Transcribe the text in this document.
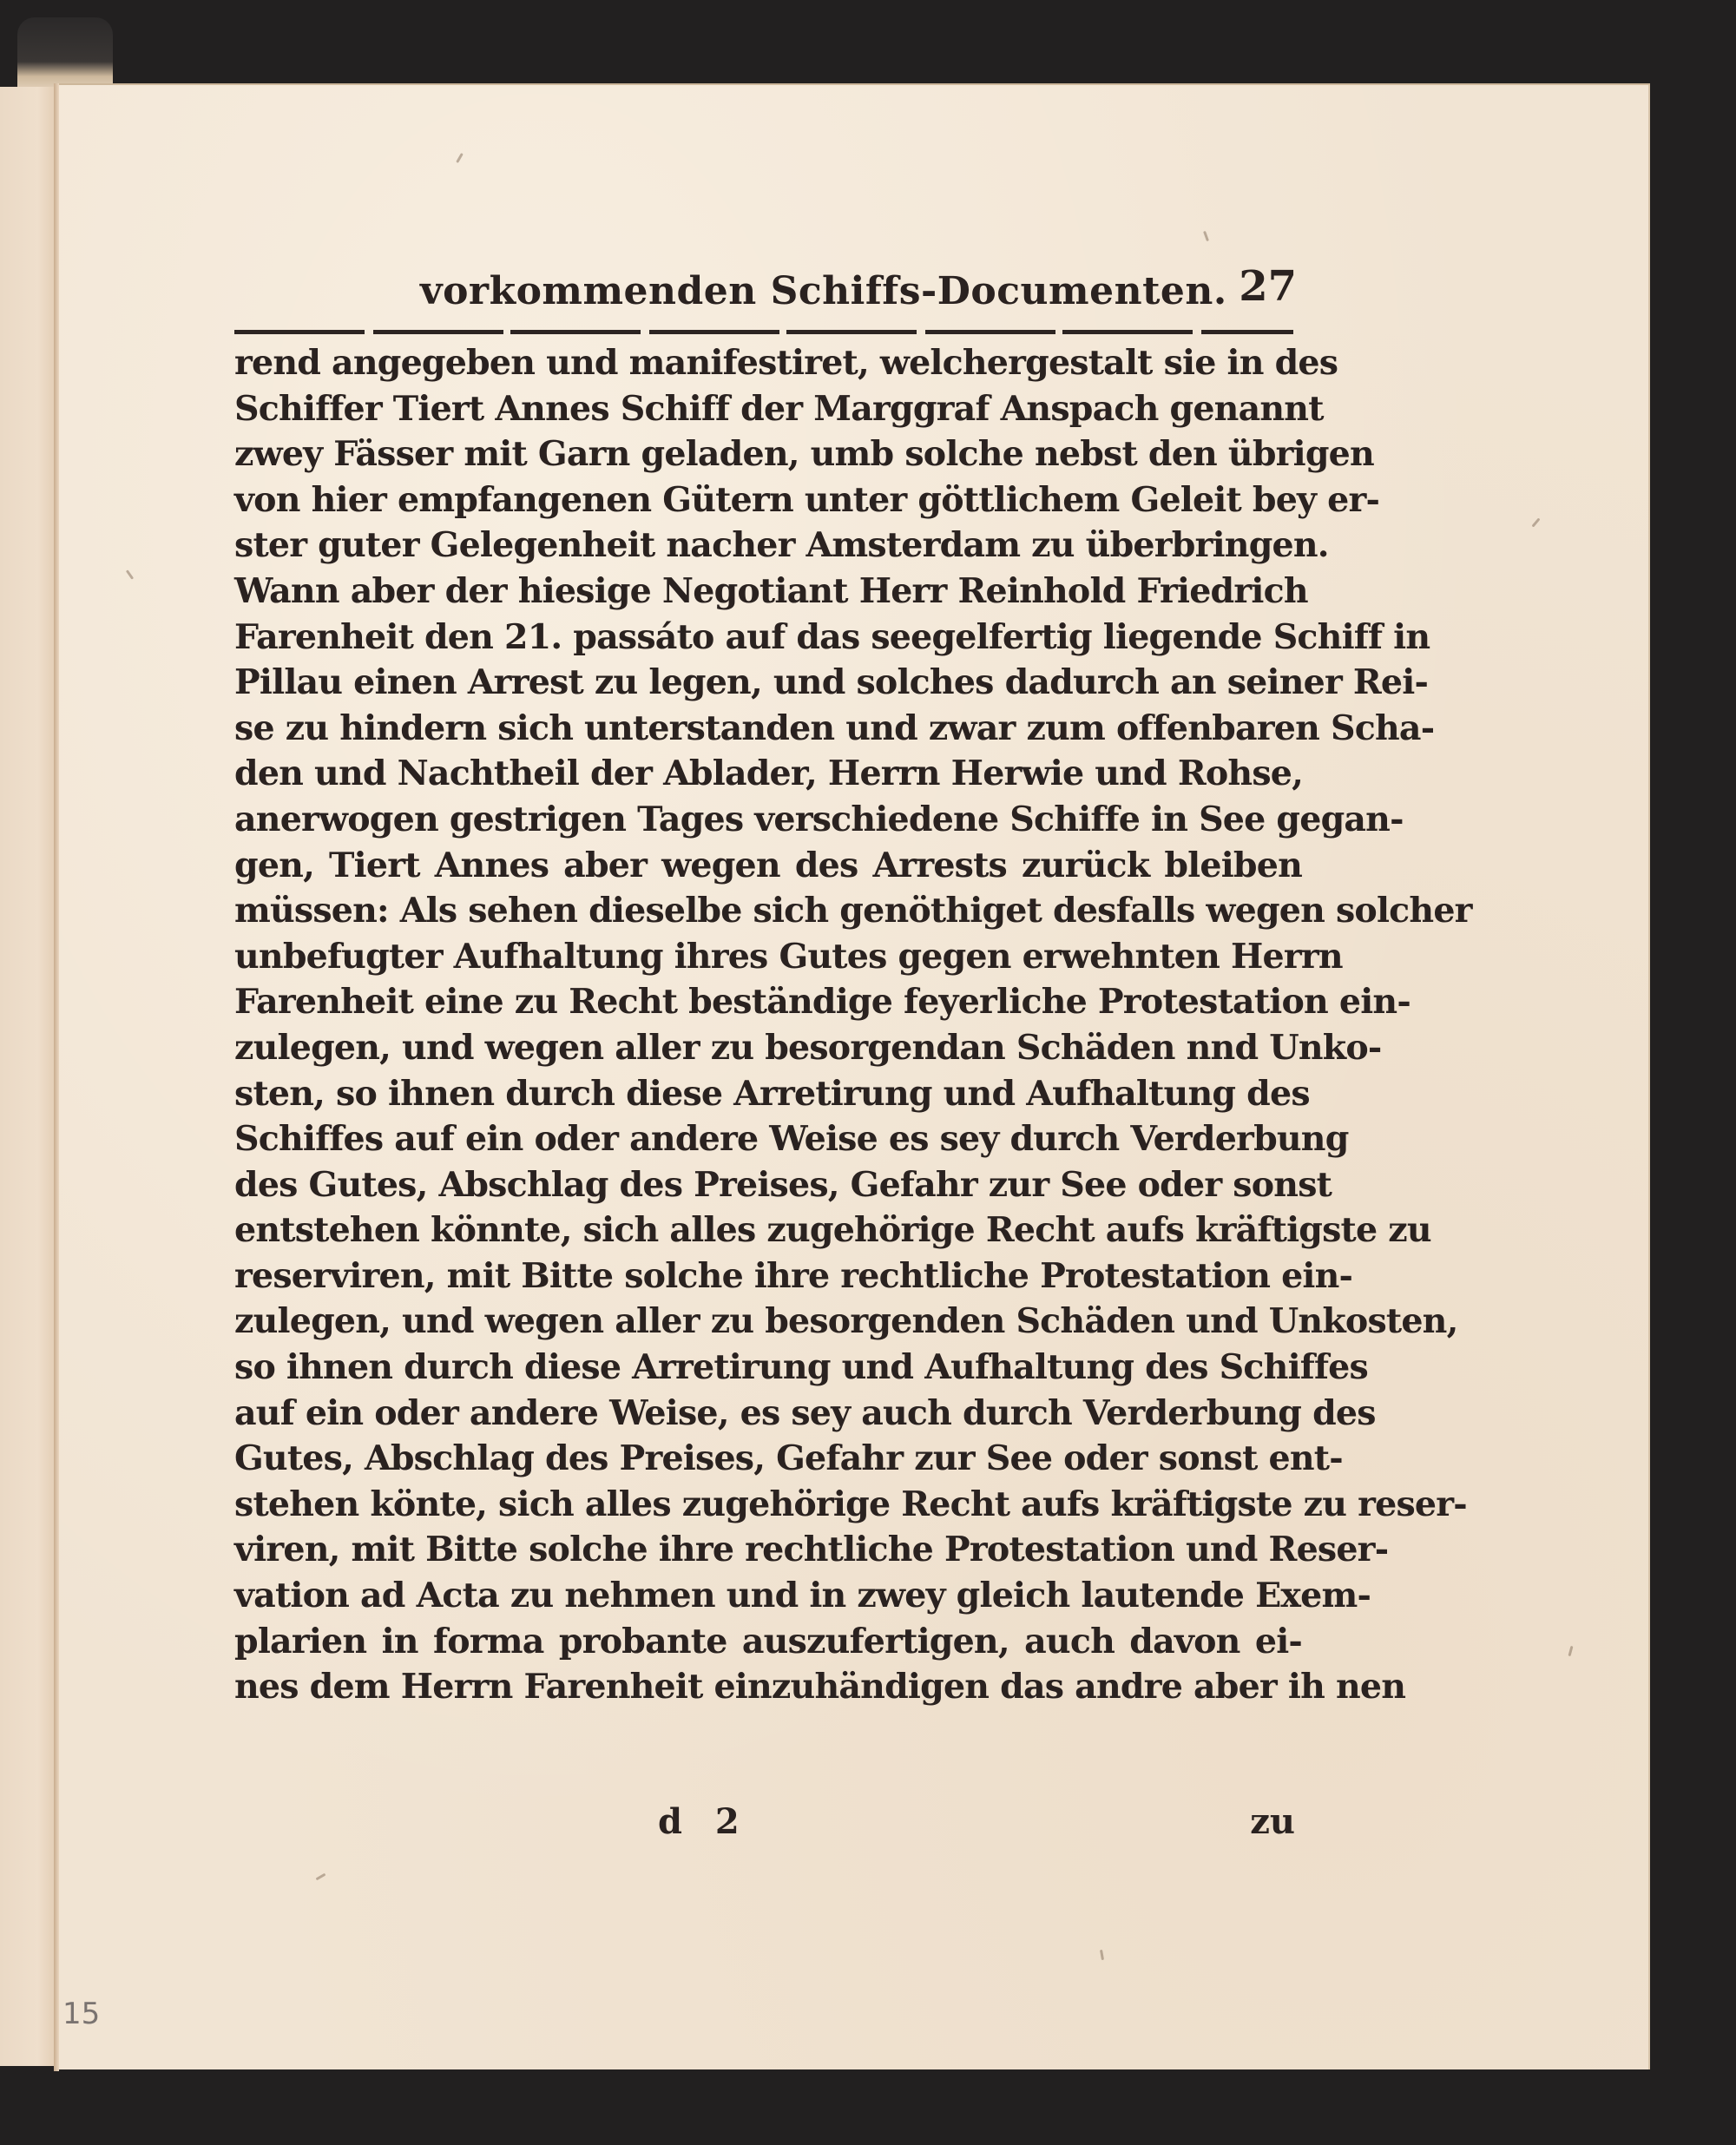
vorkommenden Schiffs-Documenten. 27
rend angegeben und manifestiret, welchergestalt sie in des
Schiffer Tiert Annes Schiff der Marggraf Anspach genannt
zwey Fässer mit Garn geladen, umb solche nebst den übrigen
von hier empfangenen Gütern unter göttlichem Geleit bey er-
ster guter Gelegenheit nacher Amsterdam zu überbringen.
Wann aber der hiesige Negotiant Herr Reinhold Friedrich
Farenheit den 21. passáto auf das seegelfertig liegende Schiff in
Pillau einen Arrest zu legen, und solches dadurch an seiner Rei-
se zu hindern sich unterstanden und zwar zum offenbaren Scha-
den und Nachtheil der Ablader, Herrn Herwie und Rohse,
anerwogen gestrigen Tages verschiedene Schiffe in See gegan-
gen, Tiert Annes aber wegen des Arrests zurück bleiben
müssen: Als sehen dieselbe sich genöthiget desfalls wegen solcher
unbefugter Aufhaltung ihres Gutes gegen erwehnten Herrn
Farenheit eine zu Recht beständige feyerliche Protestation ein-
zulegen, und wegen aller zu besorgendan Schäden nnd Unko-
sten, so ihnen durch diese Arretirung und Aufhaltung des
Schiffes auf ein oder andere Weise es sey durch Verderbung
des Gutes, Abschlag des Preises, Gefahr zur See oder sonst
entstehen könnte, sich alles zugehörige Recht aufs kräftigste zu
reserviren, mit Bitte solche ihre rechtliche Protestation ein-
zulegen, und wegen aller zu besorgenden Schäden und Unkosten,
so ihnen durch diese Arretirung und Aufhaltung des Schiffes
auf ein oder andere Weise, es sey auch durch Verderbung des
Gutes, Abschlag des Preises, Gefahr zur See oder sonst ent-
stehen könte, sich alles zugehörige Recht aufs kräftigste zu reser-
viren, mit Bitte solche ihre rechtliche Protestation und Reser-
vation ad Acta zu nehmen und in zwey gleich lautende Exem-
plarien in forma probante auszufertigen, auch davon ei-
nes dem Herrn Farenheit einzuhändigen das andre aber ih nen
d 2	zu
15
